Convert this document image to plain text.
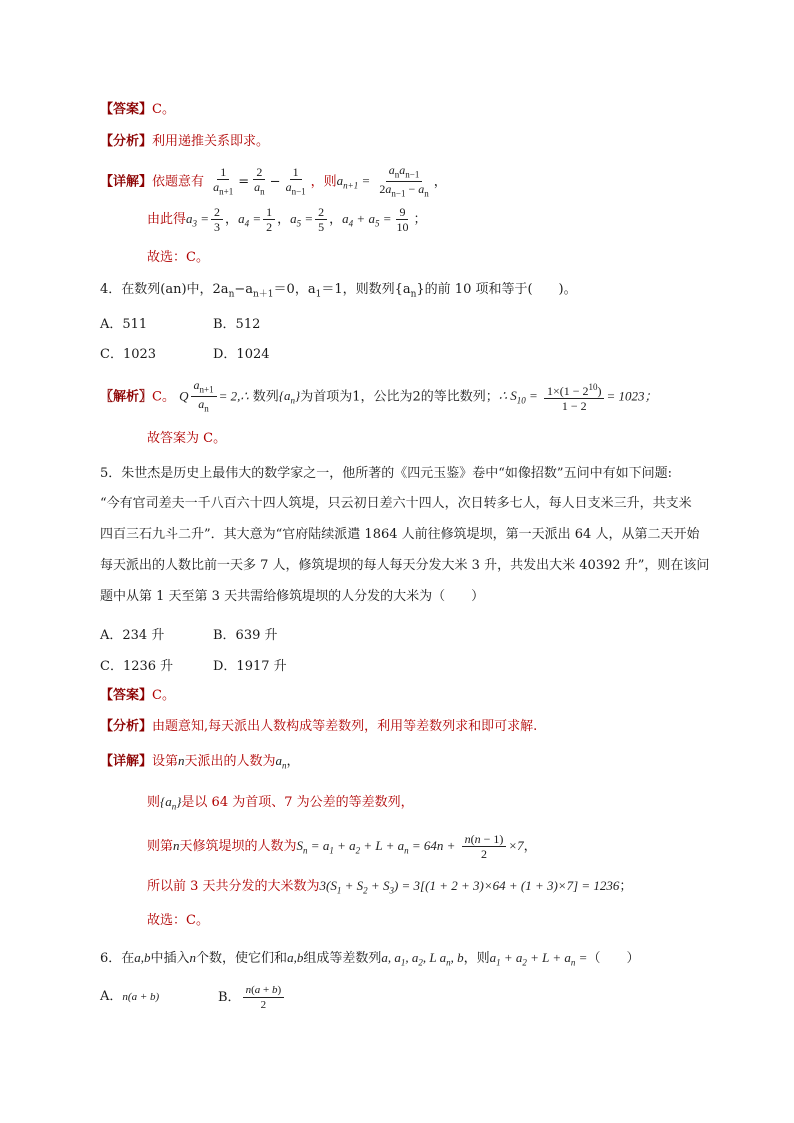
【答案】C。
【分析】利用递推关系即求。
【详解】依题意有 $\frac{1}{a_{n+1}} = \frac{2}{a_n} - \frac{1}{a_{n-1}}$ ，则$a_{n+1} = \frac{a_na_{n-1}}{2a_{n-1} - a_n}$ ，
由此得$a_3 = \frac{2}{3}$ ，$a_4 = \frac{1}{2}$ ，$a_5 = \frac{2}{5}$ ，$a_4 + a_5 = \frac{9}{10}$ ；
故选：C。
4．在数列(an)中，$2a_n-a_{n+1}=0$，$a_1=1$，则数列$\{a_n\}$的前 10 项和等于(　　)。
A．511	B．512
C．1023	D．1024
〖解析〗C。 Q $\frac{a_{n+1}}{a_n}$ = 2,∴ 数列$\{a_n\}$为首项为1，公比为2的等比数列；∴ $S_{10} = \frac{1\times(1 - 2^{10})}{1 - 2} = 1023$；
故答案为 C。
5．朱世杰是历史上最伟大的数学家之一，他所著的《四元玉鉴》卷中“如像招数”五问中有如下问题:
“今有官司差夫一千八百六十四人筑堤，只云初日差六十四人，次日转多七人，每人日支米三升，共支米
四百三石九斗二升”．其大意为“官府陆续派遣 1864 人前往修筑堤坝，第一天派出 64 人，从第二天开始
每天派出的人数比前一天多 7 人，修筑堤坝的每人每天分发大米 3 升，共发出大米 40392 升”，则在该问
题中从第 1 天至第 3 天共需给修筑堤坝的人分发的大米为（　　）
A．234 升	B．639 升
C．1236 升	D．1917 升
【答案】C。
【分析】由题意知,每天派出人数构成等差数列，利用等差数列求和即可求解.
【详解】设第n天派出的人数为$a_n$，
则$\{a_n\}$是以 64 为首项、7 为公差的等差数列，
则第n天修筑堤坝的人数为$S_n = a_1 + a_2 + L + a_n = 64n + \frac{n(n - 1)}{2} \times 7$，
所以前 3 天共分发的大米数为$3(S_1 + S_2 + S_3) = 3[(1 + 2 + 3)\times 64 + (1 + 3)\times 7] = 1236$；
故选：C。
6．在a,b中插入n个数，使它们和a,b组成等差数列a, $a_1$, $a_2$, L $a_n$, b，则$a_1 + a_2 + L + a_n$ =（　　）
A．n(a + b)	B． $\frac{n(a + b)}{2}$
